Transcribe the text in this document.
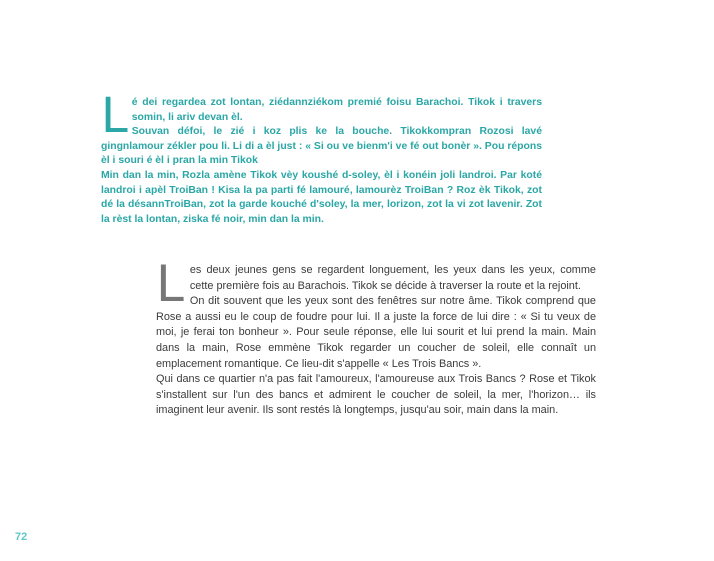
L é dei regardea zot lontan, ziédannziékom premié foisu Barachoi. Tikok i travers somin, li ariv devan èl.

Souvan défoi, le zié i koz plis ke la bouche. Tikokkompran Rozosi lavé gingnlamour zékler pou li. Li di a èl just : « Si ou ve bienm'i ve fé out bonèr ». Pou répons èl i souri é èl i pran la min Tikok

Min dan la min, Rozla amène Tikok vèy koushé d-soley, èl i konéin joli landroi. Par koté landroi i apèl TroiBan ! Kisa la pa parti fé lamouré, lamourèz TroiBan ? Roz èk Tikok, zot dé la désannTroiBan, zot la garde kouché d'soley, la mer, lorizon, zot la vi zot lavenir. Zot la rèst la lontan, ziska fé noir, min dan la min.

L es deux jeunes gens se regardent longuement, les yeux dans les yeux, comme cette première fois au Barachois. Tikok se décide à traverser la route et la rejoint.

On dit souvent que les yeux sont des fenêtres sur notre âme. Tikok comprend que Rose a aussi eu le coup de foudre pour lui. Il a juste la force de lui dire : « Si tu veux de moi, je ferai ton bonheur ». Pour seule réponse, elle lui sourit et lui prend la main. Main dans la main, Rose emmène Tikok regarder un coucher de soleil, elle connaît un emplacement romantique. Ce lieu-dit s'appelle « Les Trois Bancs ».

Qui dans ce quartier n'a pas fait l'amoureux, l'amoureuse aux Trois Bancs ? Rose et Tikok s'installent sur l'un des bancs et admirent le coucher de soleil, la mer, l'horizon… ils imaginent leur avenir. Ils sont restés là longtemps, jusqu'au soir, main dans la main.

72
